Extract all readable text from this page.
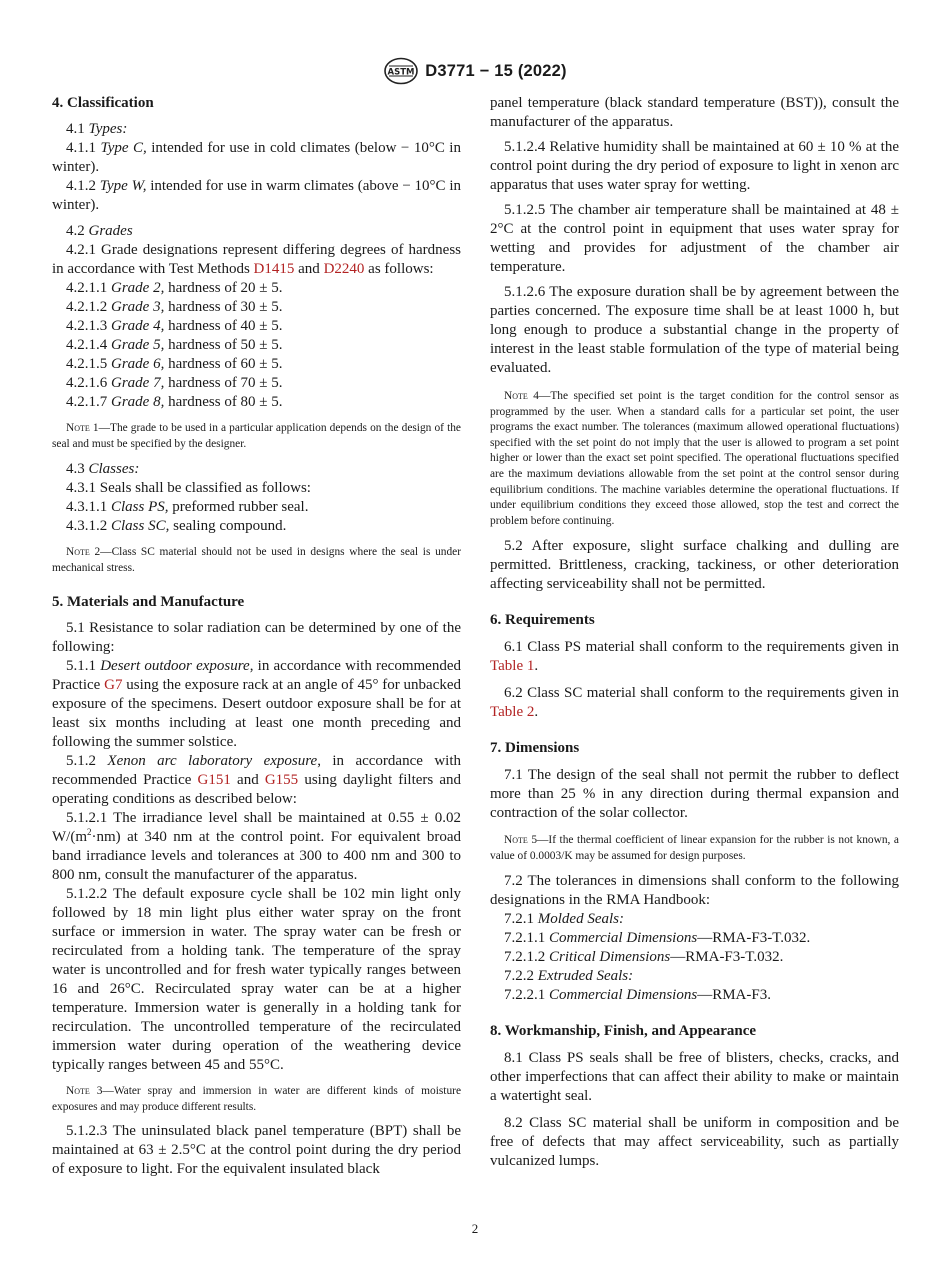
ASTM D3771 − 15 (2022)

4. Classification

4.1 Types:

4.1.1 Type C, intended for use in cold climates (below − 10°C in winter).

4.1.2 Type W, intended for use in warm climates (above − 10°C in winter).

4.2 Grades

4.2.1 Grade designations represent differing degrees of hardness in accordance with Test Methods D1415 and D2240 as follows:

4.2.1.1 Grade 2, hardness of 20 ± 5.

4.2.1.2 Grade 3, hardness of 30 ± 5.

4.2.1.3 Grade 4, hardness of 40 ± 5.

4.2.1.4 Grade 5, hardness of 50 ± 5.

4.2.1.5 Grade 6, hardness of 60 ± 5.

4.2.1.6 Grade 7, hardness of 70 ± 5.

4.2.1.7 Grade 8, hardness of 80 ± 5.

Note 1—The grade to be used in a particular application depends on the design of the seal and must be specified by the designer.

4.3 Classes:

4.3.1 Seals shall be classified as follows:

4.3.1.1 Class PS, preformed rubber seal.

4.3.1.2 Class SC, sealing compound.

Note 2—Class SC material should not be used in designs where the seal is under mechanical stress.

5. Materials and Manufacture

5.1 Resistance to solar radiation can be determined by one of the following:

5.1.1 Desert outdoor exposure, in accordance with recommended Practice G7 using the exposure rack at an angle of 45° for unbacked exposure of the specimens. Desert outdoor exposure shall be for at least six months including at least one month preceding and following the summer solstice.

5.1.2 Xenon arc laboratory exposure, in accordance with recommended Practice G151 and G155 using daylight filters and operating conditions as described below:

5.1.2.1 The irradiance level shall be maintained at 0.55 ± 0.02 $W/(m^2\cdot nm)$ at 340 nm at the control point. For equivalent broad band irradiance levels and tolerances at 300 to 400 nm and 300 to 800 nm, consult the manufacturer of the apparatus.

5.1.2.2 The default exposure cycle shall be 102 min light only followed by 18 min light plus either water spray on the front surface or immersion in water. The spray water can be fresh or recirculated from a holding tank. The temperature of the spray water is uncontrolled and for fresh water typically ranges between 16 and 26°C. Recirculated spray water can be at a higher temperature. Immersion water is generally in a holding tank for recirculation. The uncontrolled temperature of the recirculated immersion water during operation of the weathering device typically ranges between 45 and 55°C.

Note 3—Water spray and immersion in water are different kinds of moisture exposures and may produce different results.

5.1.2.3 The uninsulated black panel temperature (BPT) shall be maintained at 63 ± 2.5°C at the control point during the dry period of exposure to light. For the equivalent insulated black

panel temperature (black standard temperature (BST)), consult the manufacturer of the apparatus.

5.1.2.4 Relative humidity shall be maintained at 60 ± 10 % at the control point during the dry period of exposure to light in xenon arc apparatus that uses water spray for wetting.

5.1.2.5 The chamber air temperature shall be maintained at 48 ± 2°C at the control point in equipment that uses water spray for wetting and provides for adjustment of the chamber air temperature.

5.1.2.6 The exposure duration shall be by agreement between the parties concerned. The exposure time shall be at least 1000 h, but long enough to produce a substantial change in the property of interest in the least stable formulation of the type of material being evaluated.

Note 4—The specified set point is the target condition for the control sensor as programmed by the user. When a standard calls for a particular set point, the user programs the exact number. The tolerances (maximum allowed operational fluctuations) specified with the set point do not imply that the user is allowed to program a set point higher or lower than the exact set point specified. The operational fluctuations specified are the maximum deviations allowable from the set point at the control sensor during equilibrium conditions. The machine variables determine the operational fluctuations. If under equilibrium conditions they exceed those allowed, stop the test and correct the problem before continuing.

5.2 After exposure, slight surface chalking and dulling are permitted. Brittleness, cracking, tackiness, or other deterioration affecting serviceability shall not be permitted.

6. Requirements

6.1 Class PS material shall conform to the requirements given in Table 1.

6.2 Class SC material shall conform to the requirements given in Table 2.

7. Dimensions

7.1 The design of the seal shall not permit the rubber to deflect more than 25 % in any direction during thermal expansion and contraction of the solar collector.

Note 5—If the thermal coefficient of linear expansion for the rubber is not known, a value of 0.0003/K may be assumed for design purposes.

7.2 The tolerances in dimensions shall conform to the following designations in the RMA Handbook:

7.2.1 Molded Seals:

7.2.1.1 Commercial Dimensions—RMA-F3-T.032.

7.2.1.2 Critical Dimensions—RMA-F3-T.032.

7.2.2 Extruded Seals:

7.2.2.1 Commercial Dimensions—RMA-F3.

8. Workmanship, Finish, and Appearance

8.1 Class PS seals shall be free of blisters, checks, cracks, and other imperfections that can affect their ability to make or maintain a watertight seal.

8.2 Class SC material shall be uniform in composition and be free of defects that may affect serviceability, such as partially vulcanized lumps.

2
